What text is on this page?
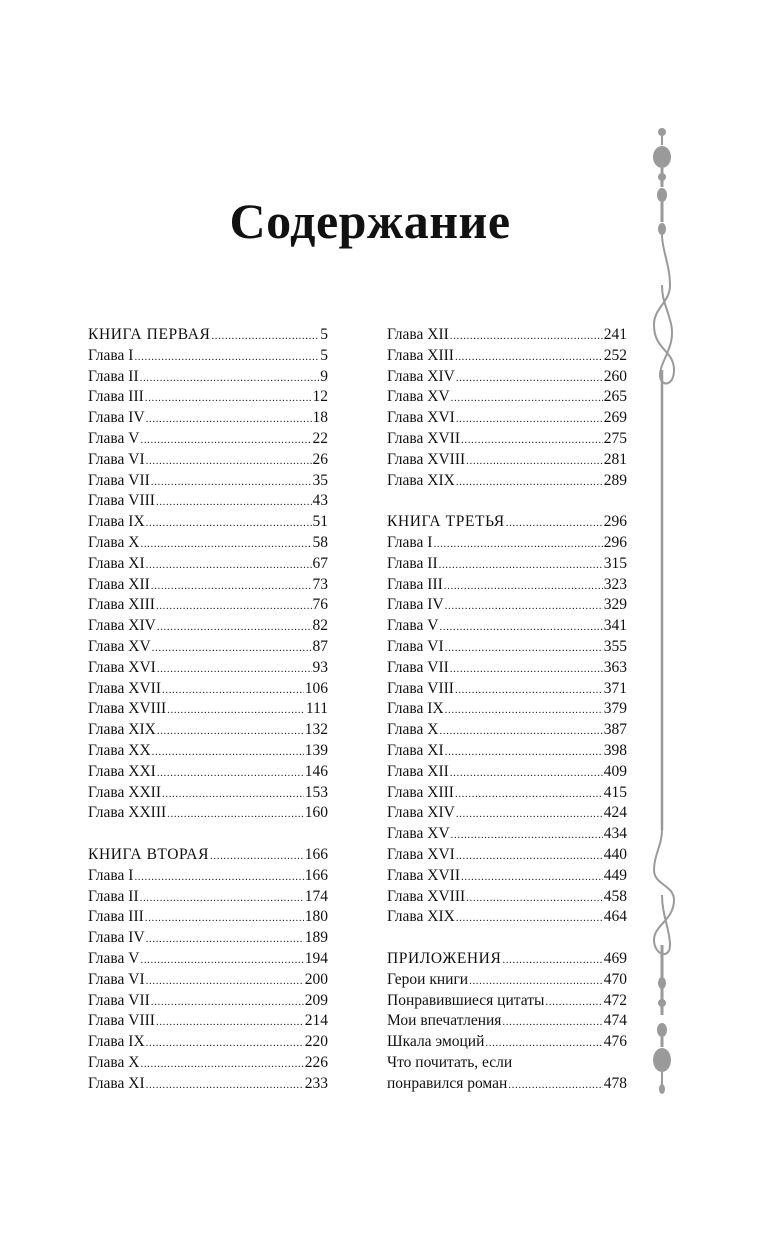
Содержание
КНИГА ПЕРВАЯ .....	5
Глава I .....	5
Глава II .....	9
Глава III .....	12
Глава IV .....	18
Глава V .....	22
Глава VI .....	26
Глава VII .....	35
Глава VIII .....	43
Глава IX .....	51
Глава X .....	58
Глава XI .....	67
Глава XII .....	73
Глава XIII .....	76
Глава XIV .....	82
Глава XV .....	87
Глава XVI .....	93
Глава XVII .....	106
Глава XVIII .....	111
Глава XIX .....	132
Глава XX .....	139
Глава XXI .....	146
Глава XXII .....	153
Глава XXIII .....	160
КНИГА ВТОРАЯ .....	166
Глава I .....	166
Глава II .....	174
Глава III .....	180
Глава IV .....	189
Глава V .....	194
Глава VI .....	200
Глава VII .....	209
Глава VIII .....	214
Глава IX .....	220
Глава X .....	226
Глава XI .....	233
Глава XII .....	241
Глава XIII .....	252
Глава XIV .....	260
Глава XV .....	265
Глава XVI .....	269
Глава XVII .....	275
Глава XVIII .....	281
Глава XIX .....	289
КНИГА ТРЕТЬЯ .....	296
Глава I .....	296
Глава II .....	315
Глава III .....	323
Глава IV .....	329
Глава V .....	341
Глава VI .....	355
Глава VII .....	363
Глава VIII .....	371
Глава IX .....	379
Глава X .....	387
Глава XI .....	398
Глава XII .....	409
Глава XIII .....	415
Глава XIV .....	424
Глава XV .....	434
Глава XVI .....	440
Глава XVII .....	449
Глава XVIII .....	458
Глава XIX .....	464
ПРИЛОЖЕНИЯ .....	469
Герои книги .....	470
Понравившиеся цитаты .....	472
Мои впечатления .....	474
Шкала эмоций .....	476
Что почитать, если
понравился роман .....	478
